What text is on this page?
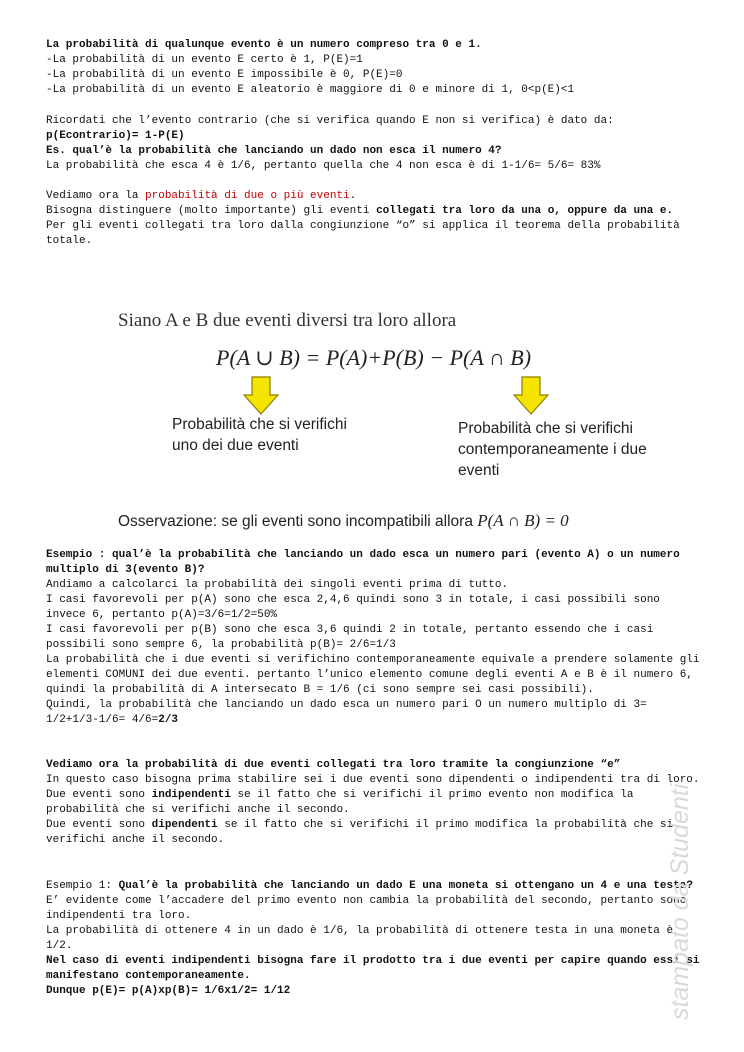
La probabilità di qualunque evento è un numero compreso tra 0 e 1.

-La probabilità di un evento E certo è 1, P(E)=1

-La probabilità di un evento E impossibile è 0, P(E)=0

-La probabilità di un evento E aleatorio è maggiore di 0 e minore di 1, 0<p(E)<1

Ricordati che l’evento contrario (che si verifica quando E non si verifica) è dato da:

p(Econtrario)= 1-P(E)

Es. qual’è la probabilità che lanciando un dado non esca il numero 4?

La probabilità che esca 4 è 1/6, pertanto quella che 4 non esca è di 1-1/6= 5/6= 83%

Vediamo ora la probabilità di due o più eventi.

Bisogna distinguere (molto importante) gli eventi collegati tra loro da una o, oppure da una e.

Per gli eventi collegati tra loro dalla congiunzione “o” si applica il teorema della probabilità totale.

Siano A e B due eventi diversi tra loro allora
P(A ∪ B) = P(A)+P(B) − P(A ∩ B)
Probabilità che si verifichi uno dei due eventi
Probabilità che si verifichi contemporaneamente i due eventi
Osservazione: se gli eventi sono incompatibili allora P(A ∩ B) = 0

Esempio : qual’è la probabilità che lanciando un dado esca un numero pari (evento A) o un numero multiplo di 3(evento B)?

Andiamo a calcolarci la probabilità dei singoli eventi prima di tutto.

I casi favorevoli per p(A) sono che esca 2,4,6 quindi sono 3 in totale, i casi possibili sono invece 6, pertanto p(A)=3/6=1/2=50%

I casi favorevoli per p(B) sono che esca 3,6 quindi 2 in totale, pertanto essendo che i casi possibili sono sempre 6, la probabilità p(B)= 2/6=1/3

La probabilità che i due eventi si verifichino contemporaneamente equivale a prendere solamente gli elementi COMUNI dei due eventi. pertanto l’unico elemento comune degli eventi A e B è il numero 6, quindi la probabilità di A intersecato B = 1/6 (ci sono sempre sei casi possibili).

Quindi, la probabilità che lanciando un dado esca un numero pari O un numero multiplo di 3= 1/2+1/3-1/6= 4/6=2/3

Vediamo ora la probabilità di due eventi collegati tra loro tramite la congiunzione “e”

In questo caso bisogna prima stabilire sei i due eventi sono dipendenti o indipendenti tra di loro.

Due eventi sono indipendenti se il fatto che si verifichi il primo evento non modifica la probabilità che si verifichi anche il secondo.

Due eventi sono dipendenti se il fatto che si verifichi il primo modifica la probabilità che si verifichi anche il secondo.

Esempio 1: Qual’è la probabilità che lanciando un dado E una moneta si ottengano un 4 e una testa?

E’ evidente come l’accadere del primo evento non cambia la probabilità del secondo, pertanto sono indipendenti tra loro.

La probabilità di ottenere 4 in un dado è 1/6, la probabilità di ottenere testa in una moneta è 1/2.

Nel caso di eventi indipendenti bisogna fare il prodotto tra i due eventi per capire quando essi si manifestano contemporaneamente.

Dunque p(E)= p(A)xp(B)= 1/6x1/2= 1/12	stampato da Studenti
